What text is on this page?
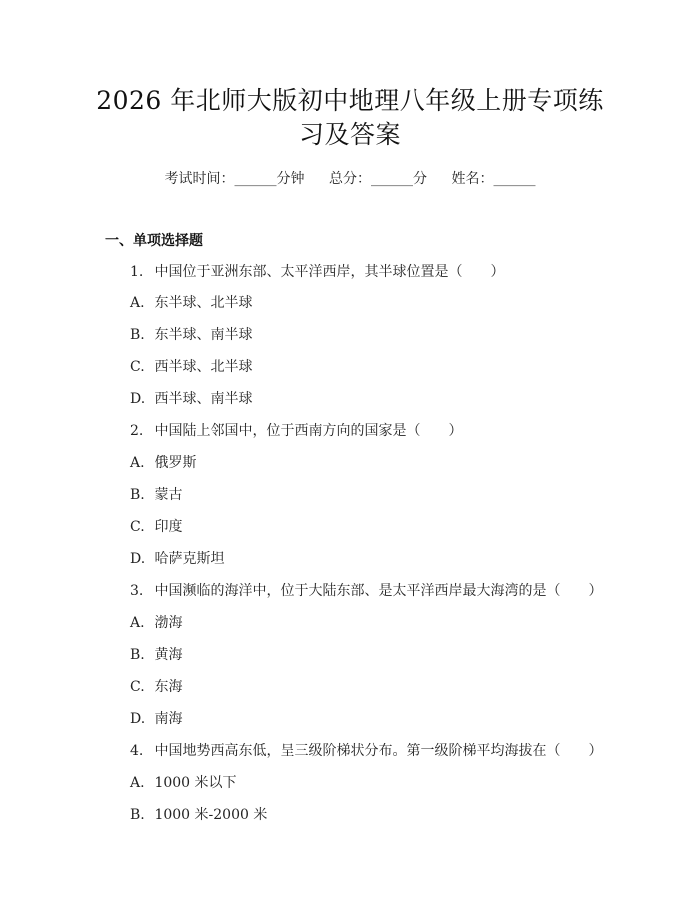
2026 年北师大版初中地理八年级上册专项练
习及答案
考试时间：______分钟 总分：______分 姓名：______
一、单项选择题
1. 中国位于亚洲东部、太平洋西岸，其半球位置是（　　）
A. 东半球、北半球
B. 东半球、南半球
C. 西半球、北半球
D. 西半球、南半球
2. 中国陆上邻国中，位于西南方向的国家是（　　）
A. 俄罗斯
B. 蒙古
C. 印度
D. 哈萨克斯坦
3. 中国濒临的海洋中，位于大陆东部、是太平洋西岸最大海湾的是（　　）
A. 渤海
B. 黄海
C. 东海
D. 南海
4. 中国地势西高东低，呈三级阶梯状分布。第一级阶梯平均海拔在（　　）
A. 1000 米以下
B. 1000 米-2000 米
